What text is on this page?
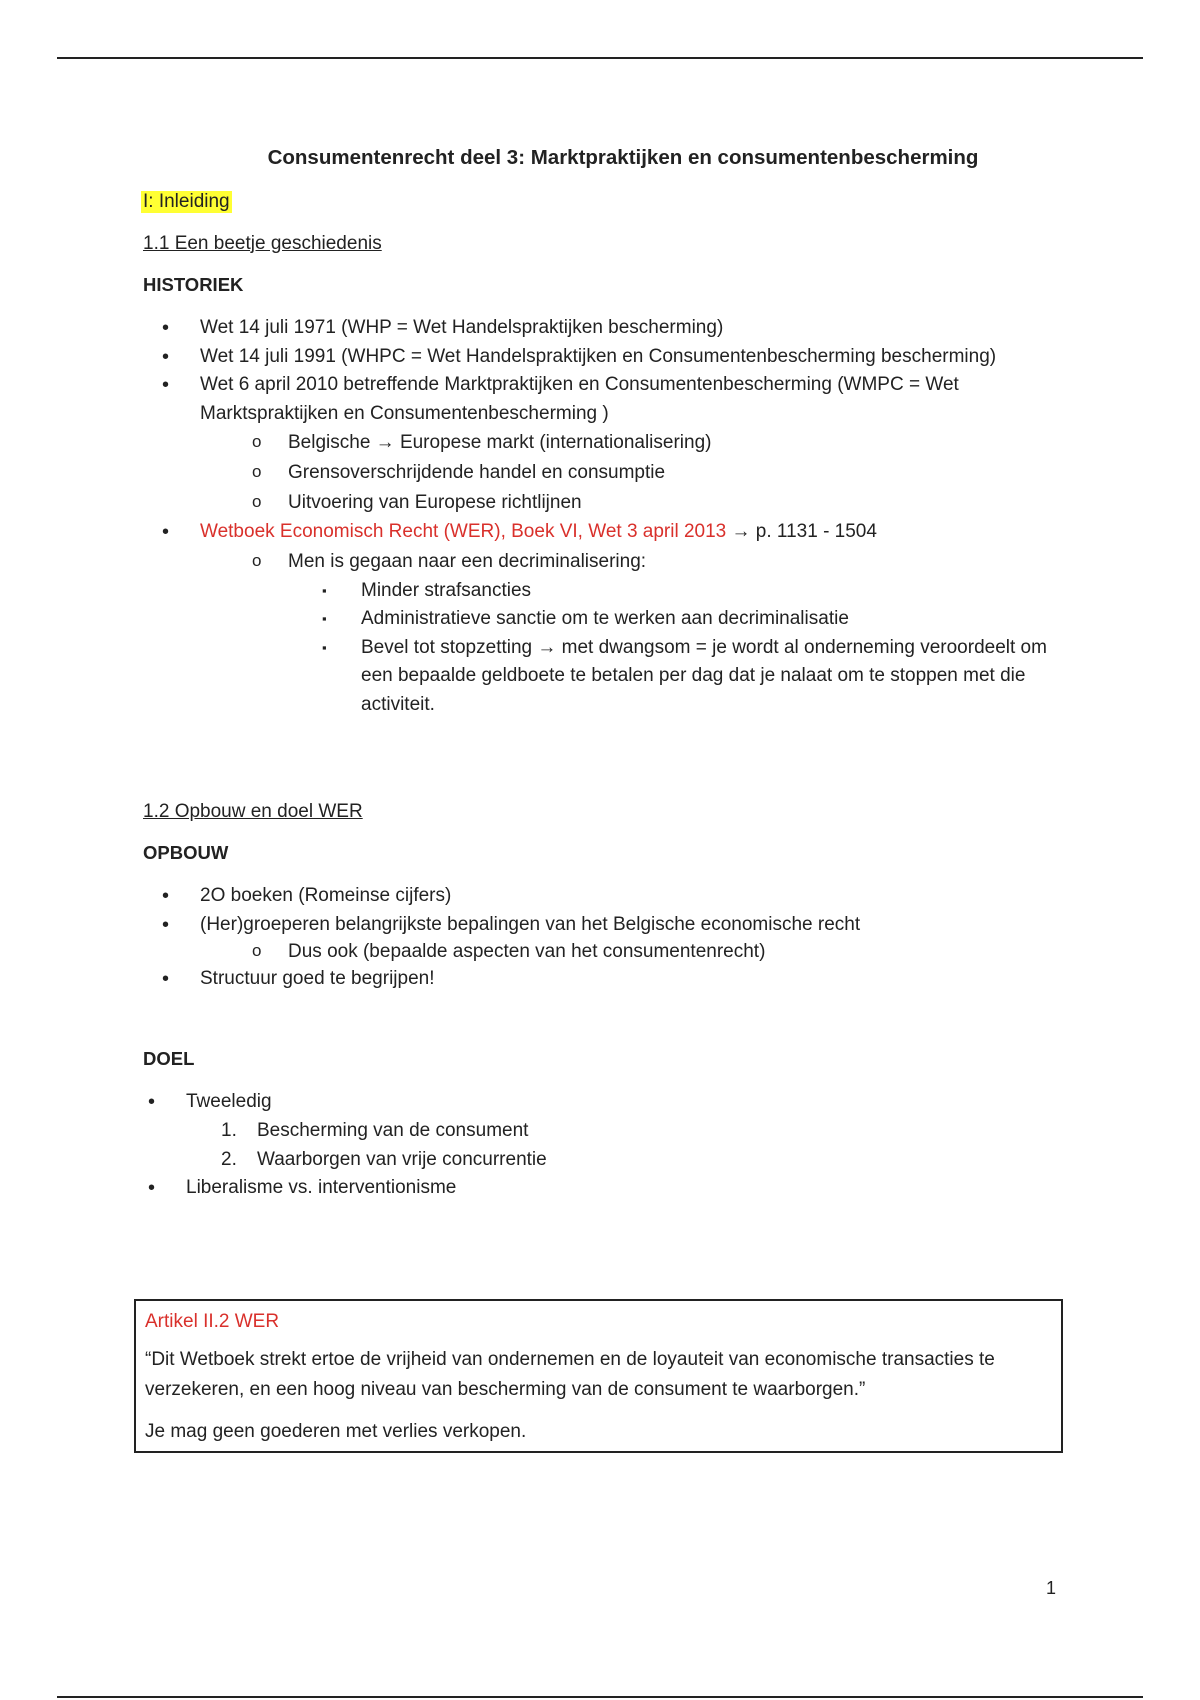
Consumentenrecht deel 3: Marktpraktijken en consumentenbescherming
I: Inleiding
1.1 Een beetje geschiedenis
HISTORIEK
• Wet 14 juli 1971 (WHP = Wet Handelspraktijken bescherming)
• Wet 14 juli 1991 (WHPC = Wet Handelspraktijken en Consumentenbescherming bescherming)
• Wet 6 april 2010 betreffende Marktpraktijken en Consumentenbescherming (WMPC = Wet Marktspraktijken en Consumentenbescherming )
o Belgische → Europese markt (internationalisering)
o Grensoverschrijdende handel en consumptie
o Uitvoering van Europese richtlijnen
• Wetboek Economisch Recht (WER), Boek VI, Wet 3 april 2013 → p. 1131 - 1504
o Men is gegaan naar een decriminalisering:
▪ Minder strafsancties
▪ Administratieve sanctie om te werken aan decriminalisatie
▪ Bevel tot stopzetting → met dwangsom = je wordt al onderneming veroordeelt om een bepaalde geldboete te betalen per dag dat je nalaat om te stoppen met die activiteit.
1.2 Opbouw en doel WER
OPBOUW
• 2O boeken (Romeinse cijfers)
• (Her)groeperen belangrijkste bepalingen van het Belgische economische recht
o Dus ook (bepaalde aspecten van het consumentenrecht)
• Structuur goed te begrijpen!
DOEL
• Tweeledig
1. Bescherming van de consument
2. Waarborgen van vrije concurrentie
• Liberalisme vs. interventionisme

Artikel II.2 WER

“Dit Wetboek strekt ertoe de vrijheid van ondernemen en de loyauteit van economische transacties te verzekeren, en een hoog niveau van bescherming van de consument te waarborgen.”

Je mag geen goederen met verlies verkopen.

1
